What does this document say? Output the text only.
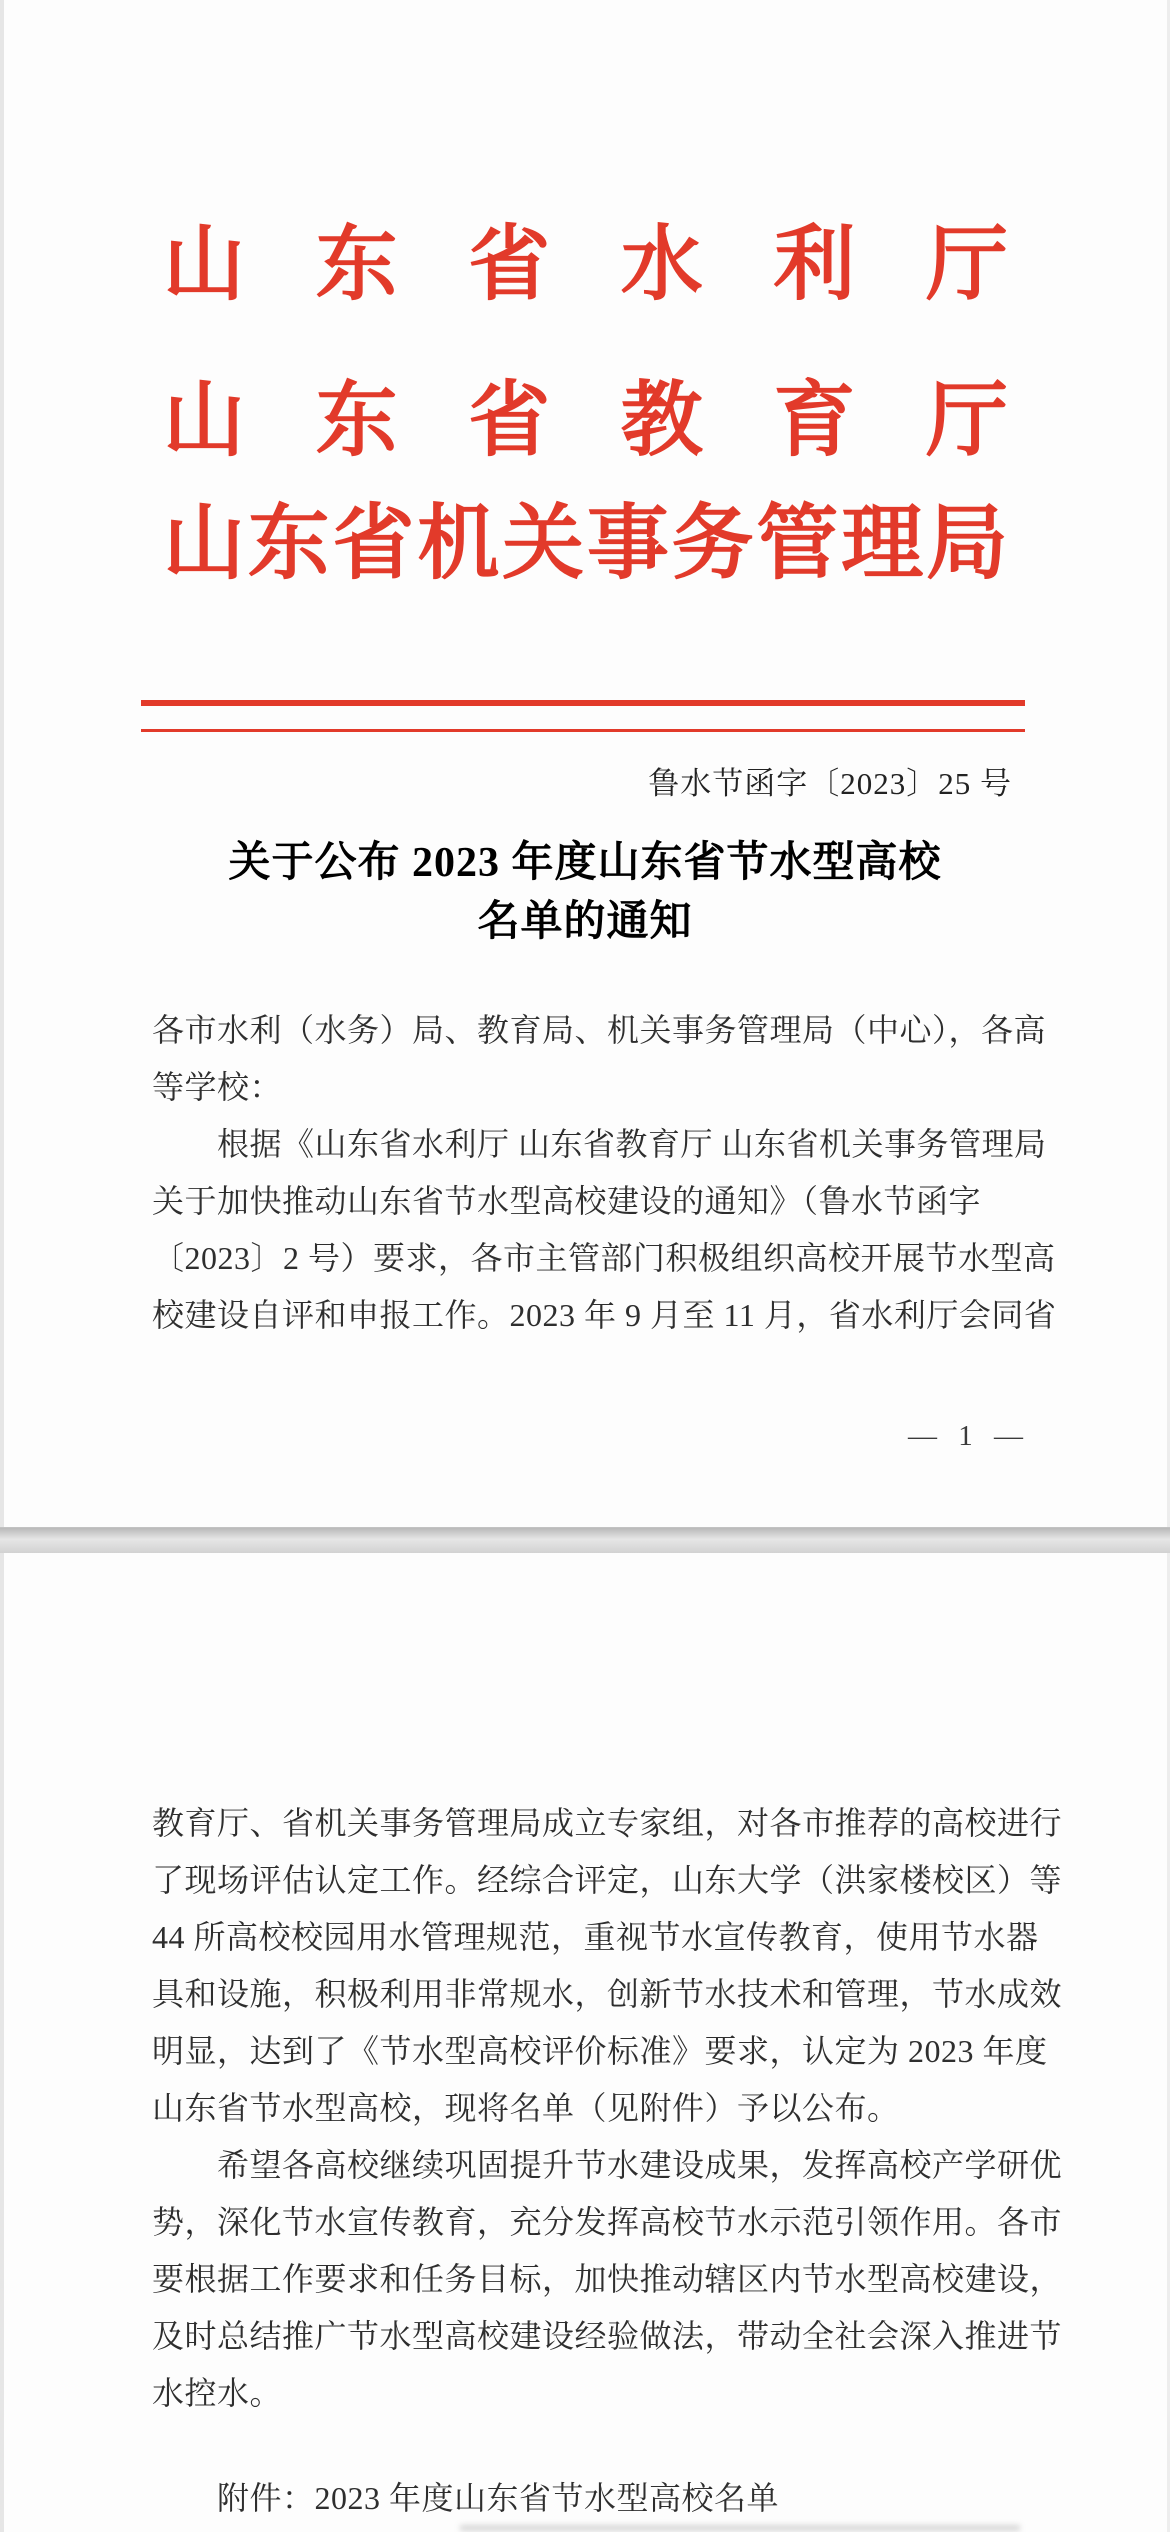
山东省水利厅
山东省教育厅
山东省机关事务管理局
鲁水节函字〔2023〕25 号
关于公布 2023 年度山东省节水型高校
名单的通知
各市水利（水务）局、教育局、机关事务管理局（中心），各高
等学校：
　　根据《山东省水利厅 山东省教育厅 山东省机关事务管理局
关于加快推动山东省节水型高校建设的通知》（鲁水节函字
〔2023〕2 号）要求，各市主管部门积极组织高校开展节水型高
校建设自评和申报工作。2023 年 9 月至 11 月，省水利厅会同省
— 1 —
教育厅、省机关事务管理局成立专家组，对各市推荐的高校进行
了现场评估认定工作。经综合评定，山东大学（洪家楼校区）等
44 所高校校园用水管理规范，重视节水宣传教育，使用节水器
具和设施，积极利用非常规水，创新节水技术和管理，节水成效
明显，达到了《节水型高校评价标准》要求，认定为 2023 年度
山东省节水型高校，现将名单（见附件）予以公布。
　　希望各高校继续巩固提升节水建设成果，发挥高校产学研优
势，深化节水宣传教育，充分发挥高校节水示范引领作用。各市
要根据工作要求和任务目标，加快推动辖区内节水型高校建设，
及时总结推广节水型高校建设经验做法，带动全社会深入推进节
水控水。
　　附件：2023 年度山东省节水型高校名单
